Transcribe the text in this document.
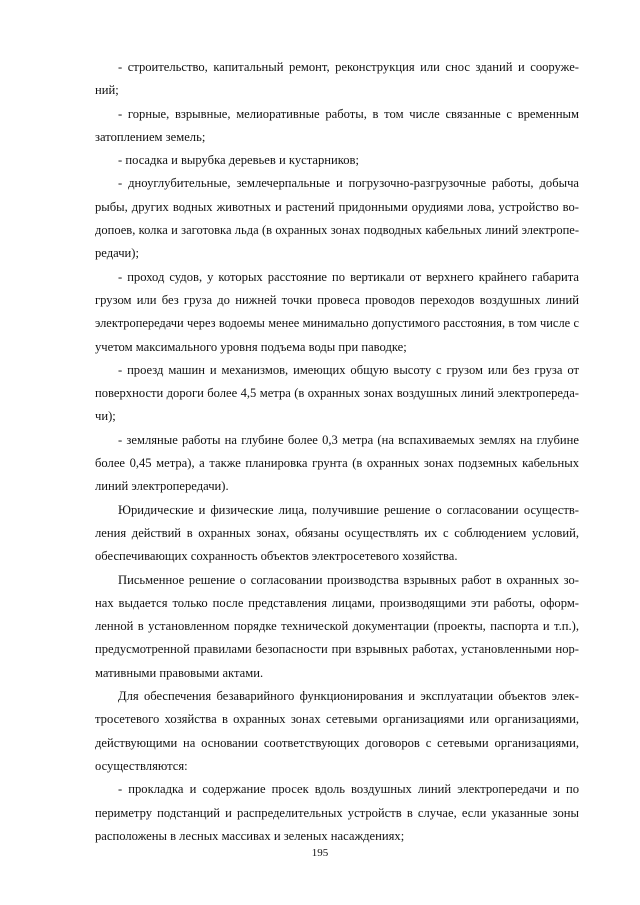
- строительство, капитальный ремонт, реконструкция или снос зданий и сооруже-
ний;
- горные, взрывные, мелиоративные работы, в том числе связанные с временным
затоплением земель;
- посадка и вырубка деревьев и кустарников;
- дноуглубительные, землечерпальные и погрузочно-разгрузочные работы, добыча
рыбы, других водных животных и растений придонными орудиями лова, устройство во-
допоев, колка и заготовка льда (в охранных зонах подводных кабельных линий электропе-
редачи);
- проход судов, у которых расстояние по вертикали от верхнего крайнего габарита
грузом или без груза до нижней точки провеса проводов переходов воздушных линий
электропередачи через водоемы менее минимально допустимого расстояния, в том числе с
учетом максимального уровня подъема воды при паводке;
- проезд машин и механизмов, имеющих общую высоту с грузом или без груза от
поверхности дороги более 4,5 метра (в охранных зонах воздушных линий электропереда-
чи);
- земляные работы на глубине более 0,3 метра (на вспахиваемых землях на глубине
более 0,45 метра), а также планировка грунта (в охранных зонах подземных кабельных
линий электропередачи).
Юридические и физические лица, получившие решение о согласовании осуществ-
ления действий в охранных зонах, обязаны осуществлять их с соблюдением условий,
обеспечивающих сохранность объектов электросетевого хозяйства.
Письменное решение о согласовании производства взрывных работ в охранных зо-
нах выдается только после представления лицами, производящими эти работы, оформ-
ленной в установленном порядке технической документации (проекты, паспорта и т.п.),
предусмотренной правилами безопасности при взрывных работах, установленными нор-
мативными правовыми актами.
Для обеспечения безаварийного функционирования и эксплуатации объектов элек-
тросетевого хозяйства в охранных зонах сетевыми организациями или организациями,
действующими на основании соответствующих договоров с сетевыми организациями,
осуществляются:
- прокладка и содержание просек вдоль воздушных линий электропередачи и по
периметру подстанций и распределительных устройств в случае, если указанные зоны
расположены в лесных массивах и зеленых насаждениях;
195
